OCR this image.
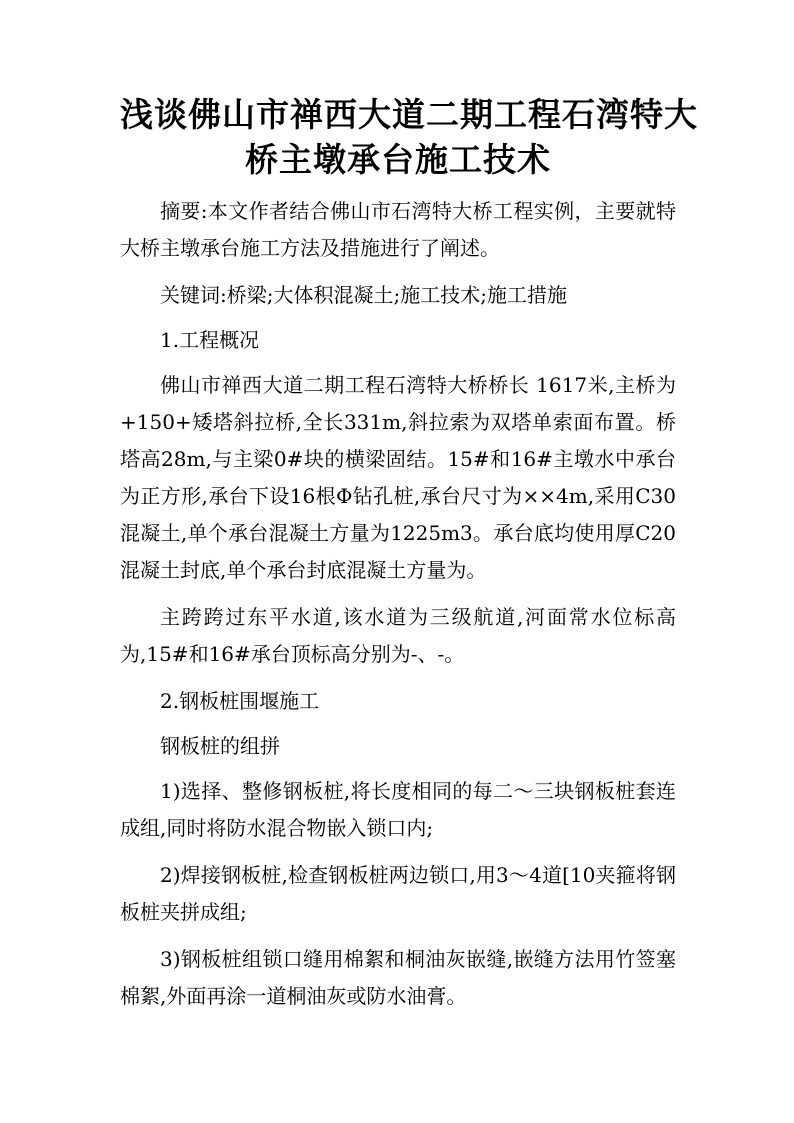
浅谈佛山市禅西大道二期工程石湾特大
桥主墩承台施工技术

摘要:本文作者结合佛山市石湾特大桥工程实例，主要就特大桥主墩承台施工方法及措施进行了阐述。

关键词:桥梁;大体积混凝土;施工技术;施工措施

1.工程概况

佛山市禅西大道二期工程石湾特大桥桥长 1617米,主桥为+150+矮塔斜拉桥,全长331m,斜拉索为双塔单索面布置。桥塔高28m,与主梁0#块的横梁固结。15#和16#主墩水中承台为正方形,承台下设16根Φ钻孔桩,承台尺寸为××4m,采用C30混凝土,单个承台混凝土方量为1225m3。承台底均使用厚C20混凝土封底,单个承台封底混凝土方量为。

主跨跨过东平水道,该水道为三级航道,河面常水位标高为,15#和16#承台顶标高分别为-、-。

2.钢板桩围堰施工

钢板桩的组拼

1)选择、整修钢板桩,将长度相同的每二～三块钢板桩套连成组,同时将防水混合物嵌入锁口内;

2)焊接钢板桩,检查钢板桩两边锁口,用3～4道[10夹箍将钢板桩夹拼成组;

3)钢板桩组锁口缝用棉絮和桐油灰嵌缝,嵌缝方法用竹签塞棉絮,外面再涂一道桐油灰或防水油膏。
